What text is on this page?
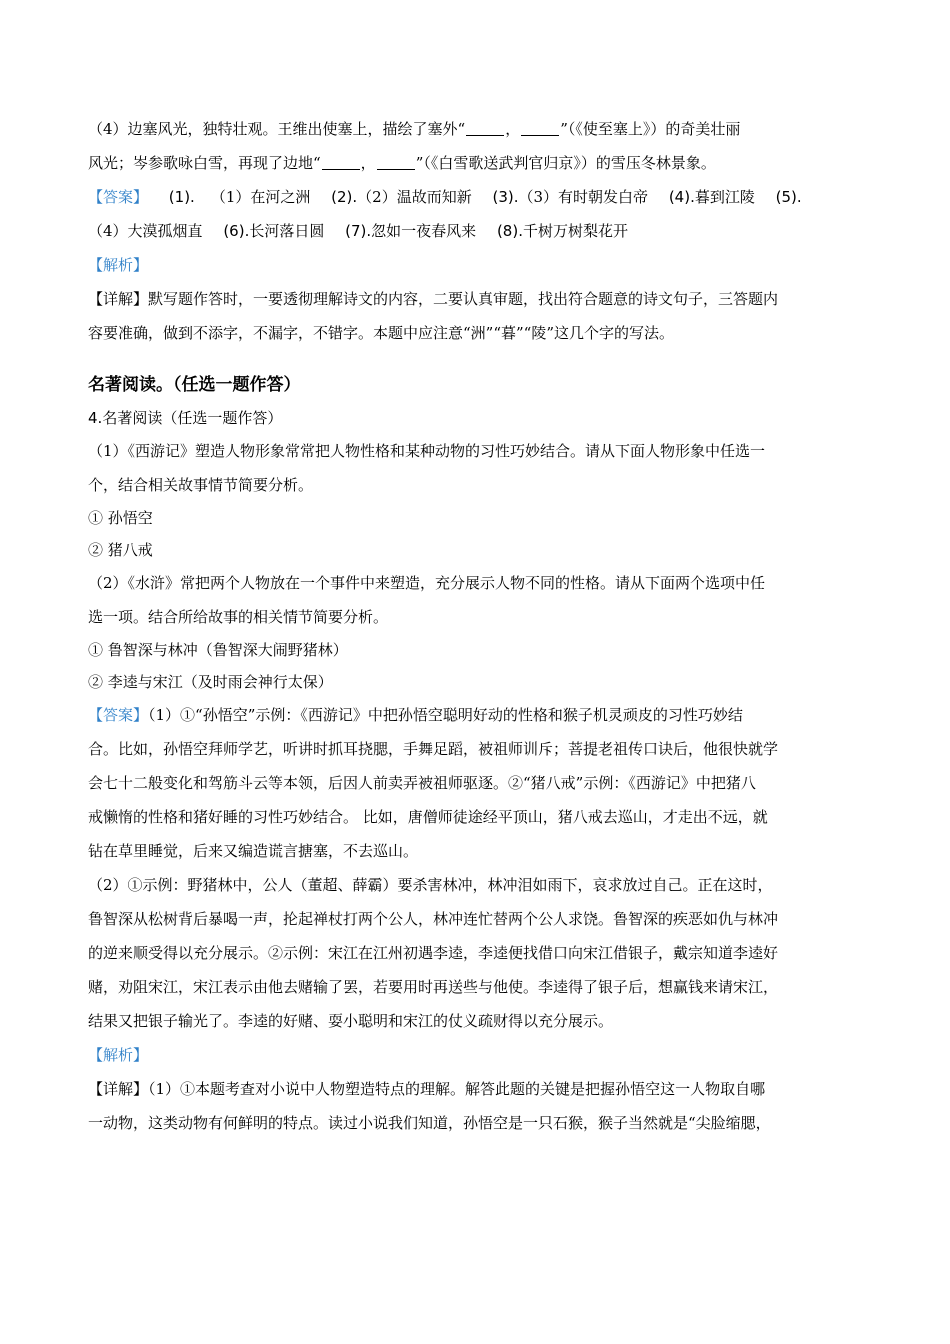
（4）边塞风光，独特壮观。王维出使塞上，描绘了塞外“	，	”（《使至塞上》）的奇美壮丽
风光；岑参歌咏白雪，再现了边地“	，	”（《白雪歌送武判官归京》）的雪压冬林景象。
【答案】 (1). （1）在河之洲 (2).（2）温故而知新 (3).（3）有时朝发白帝 (4).暮到江陵 (5).
（4）大漠孤烟直 (6).长河落日圆 (7).忽如一夜春风来 (8).千树万树梨花开
【解析】
【详解】默写题作答时，一要透彻理解诗文的内容，二要认真审题，找出符合题意的诗文句子，三答题内
容要准确，做到不添字，不漏字，不错字。本题中应注意“洲”“暮”“陵”这几个字的写法。
名著阅读。（任选一题作答）
4.名著阅读（任选一题作答）
（1）《西游记》塑造人物形象常常把人物性格和某种动物的习性巧妙结合。请从下面人物形象中任选一
个，结合相关故事情节简要分析。
① 孙悟空
② 猪八戒
（2）《水浒》常把两个人物放在一个事件中来塑造，充分展示人物不同的性格。请从下面两个选项中任
选一项。结合所给故事的相关情节简要分析。
① 鲁智深与林冲（鲁智深大闹野猪林）
② 李逵与宋江（及时雨会神行太保）
【答案】（1）①“孙悟空”示例：《西游记》中把孙悟空聪明好动的性格和猴子机灵顽皮的习性巧妙结
合。比如，孙悟空拜师学艺，听讲时抓耳挠腮，手舞足蹈，被祖师训斥；菩提老祖传口诀后，他很快就学
会七十二般变化和驾筋斗云等本领，后因人前卖弄被祖师驱逐。②“猪八戒”示例：《西游记》中把猪八
戒懒惰的性格和猪好睡的习性巧妙结合。 比如，唐僧师徒途经平顶山，猪八戒去巡山，才走出不远，就
钻在草里睡觉，后来又编造谎言搪塞，不去巡山。
（2）①示例：野猪林中，公人（董超、薛霸）要杀害林冲，林冲泪如雨下，哀求放过自己。正在这时，
鲁智深从松树背后暴喝一声，抡起禅杖打两个公人，林冲连忙替两个公人求饶。鲁智深的疾恶如仇与林冲
的逆来顺受得以充分展示。②示例：宋江在江州初遇李逵，李逵便找借口向宋江借银子，戴宗知道李逵好
赌，劝阻宋江，宋江表示由他去赌输了罢，若要用时再送些与他使。李逵得了银子后，想赢钱来请宋江，
结果又把银子输光了。李逵的好赌、耍小聪明和宋江的仗义疏财得以充分展示。
【解析】
【详解】（1）①本题考查对小说中人物塑造特点的理解。解答此题的关键是把握孙悟空这一人物取自哪
一动物，这类动物有何鲜明的特点。读过小说我们知道，孙悟空是一只石猴，猴子当然就是“尖脸缩腮，
